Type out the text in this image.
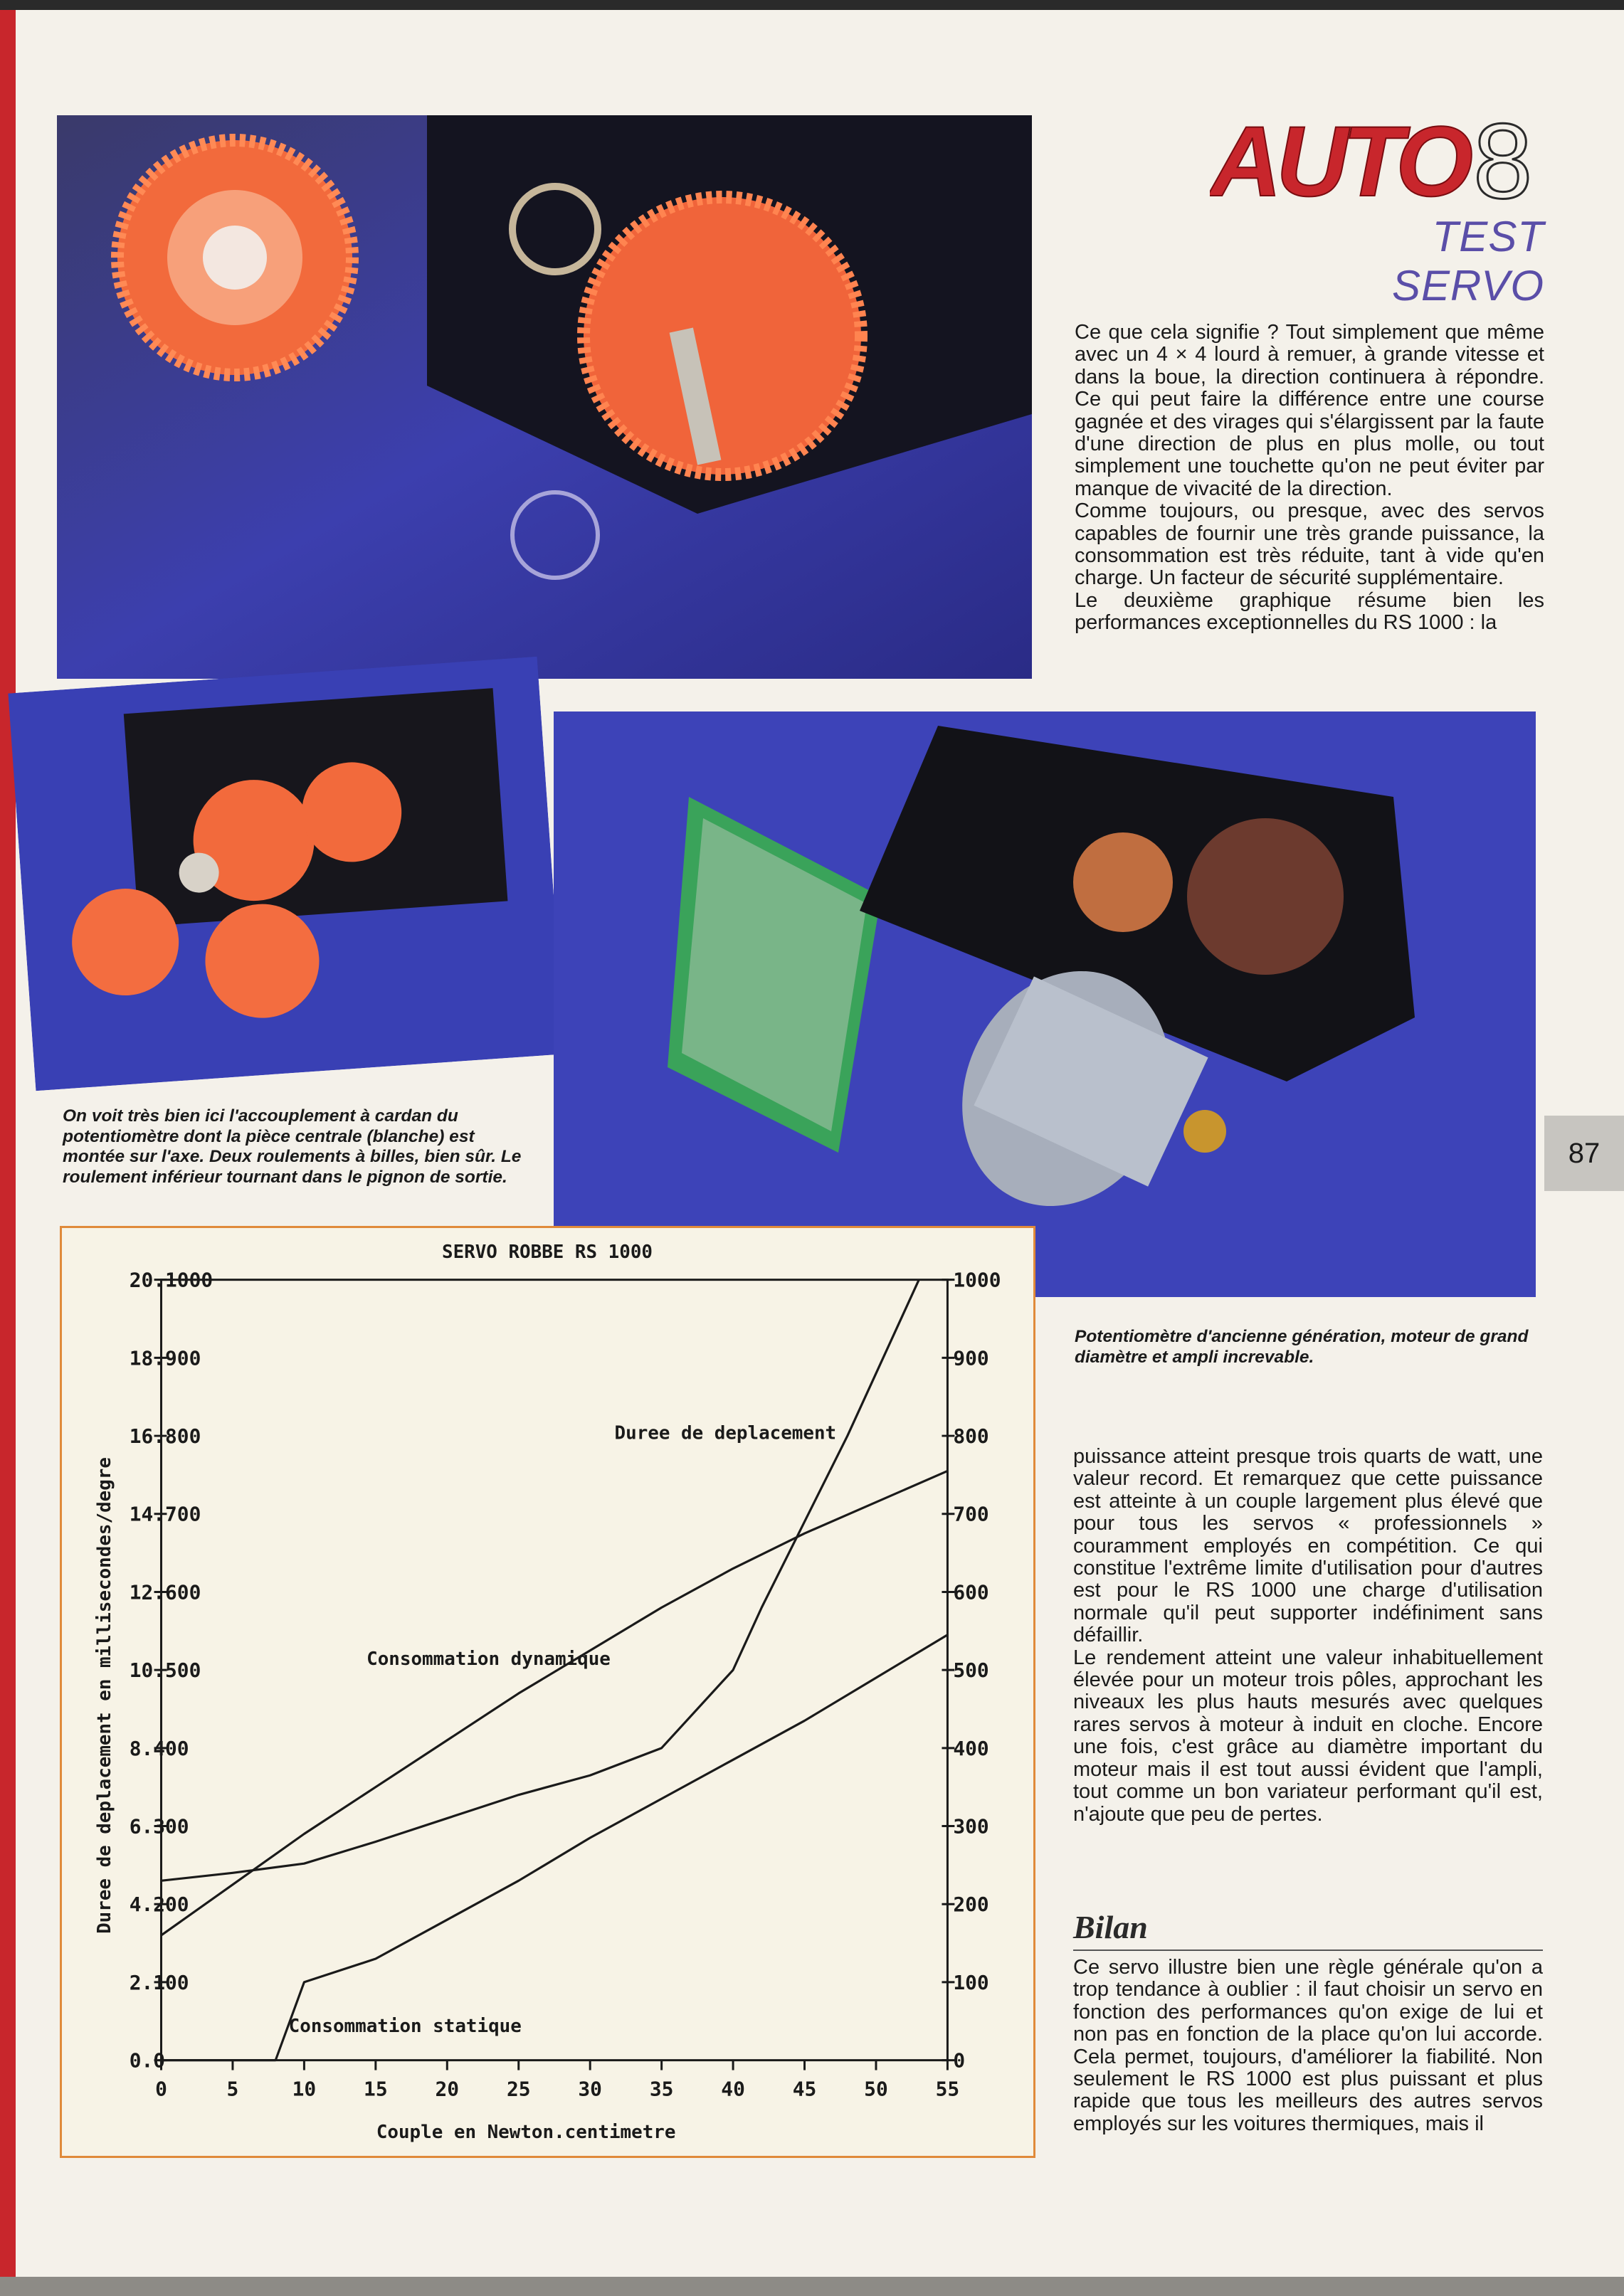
AUTO 8
TEST SERVO

Ce que cela signifie ? Tout simplement que même avec un 4 × 4 lourd à remuer, à grande vitesse et dans la boue, la direction continuera à répondre. Ce qui peut faire la différence entre une course gagnée et des virages qui s'élargissent par la faute d'une direction de plus en plus molle, ou tout simplement une touchette qu'on ne peut éviter par manque de vivacité de la direction.

Comme toujours, ou presque, avec des servos capables de fournir une très grande puissance, la consommation est très réduite, tant à vide qu'en charge. Un facteur de sécurité supplémentaire.

Le deuxième graphique résume bien les performances exceptionnelles du RS 1000 : la

On voit très bien ici l'accouplement à cardan du potentiomètre dont la pièce centrale (blanche) est montée sur l'axe. Deux roulements à billes, bien sûr. Le roulement inférieur tournant dans le pignon de sortie.
Potentiomètre d'ancienne génération, moteur de grand diamètre et ampli increvable.
87

puissance atteint presque trois quarts de watt, une valeur record. Et remarquez que cette puissance est atteinte à un couple largement plus élevé que pour tous les servos « professionnels » couramment employés en compétition. Ce qui constitue l'extrême limite d'utilisation pour d'autres est pour le RS 1000 une charge d'utilisation normale qu'il peut supporter indéfiniment sans défaillir.

Le rendement atteint une valeur inhabituellement élevée pour un moteur trois pôles, approchant les niveaux les plus hauts mesurés avec quelques rares servos à moteur à induit en cloche. Encore une fois, c'est grâce au diamètre important du moteur mais il est tout aussi évident que l'ampli, tout comme un bon variateur performant qu'il est, n'ajoute que peu de pertes.

Bilan
Ce servo illustre bien une règle générale qu'on a trop tendance à oublier : il faut choisir un servo en fonction des performances qu'on exige de lui et non pas en fonction de la place qu'on lui accorde. Cela permet, toujours, d'améliorer la fiabilité. Non seulement le RS 1000 est plus puissant et plus rapide que tous les meilleurs des autres servos employés sur les voitures thermiques, mais il
SERVO ROBBE RS 1000
Duree de deplacement en millisecondes/degre
Couple en Newton.centimetre
0	5	10 15 20 25 30 35 40 45 50 55
0.0
2.100
4.200
6.300
8.400
10.500
12.600
14.700
16.800
18.900
20.1000
0
100
200
300
400
500
600
700
800
900
1000
Duree de deplacement
Consommation dynamique
Consommation statique
